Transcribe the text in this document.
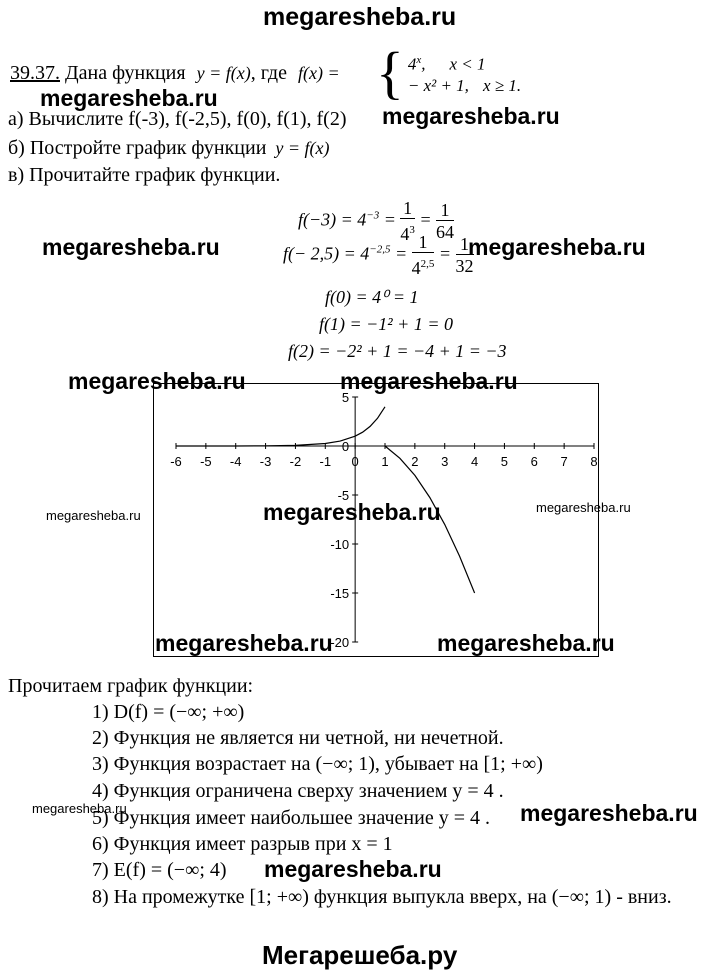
megaresheba.ru
39.37. Дана функция y = f(x), где f(x) = { 4$^x$, x < 1
− x² + 1, x ≥ 1.
megaresheba.ru
а) Вычислите f(-3), f(-2,5), f(0), f(1), f(2) megaresheba.ru
б) Постройте график функции y = f(x)
в) Прочитайте график функции.
$f(-3) = 4^{-3} = \frac{1}{4^3} = \frac{1}{64}$
megaresheba.ru	$f(- 2,5) = 4^{-2,5} = \frac{1}{4^{2,5}} = \frac{1}{32}$
megaresheba.ru
f(0) = 4⁰ = 1
f(1) = −1² + 1 = 0
f(2) = −2² + 1 = −4 + 1 = −3
megaresheba.ru	megaresheba.ru
-6 -5 -4 -3 -2 -1 0 1 2 3 4 5 6 7 8
5
0
-5
-10
-15
-20
megaresheba.ru
megaresheba.ru
megaresheba.ru
megaresheba.ru	megaresheba.ru
Прочитаем график функции:
1) D(f) = (−∞; +∞)
2) Функция не является ни четной, ни нечетной.
3) Функция возрастает на (−∞; 1), убывает на [1; +∞)
4) Функция ограничена сверху значением y = 4 .
megaresheba.ru
5) Функция имеет наибольшее значение y = 4 . megaresheba.ru
6) Функция имеет разрыв при x = 1
7) E(f) = (−∞; 4) megaresheba.ru
8) На промежутке [1; +∞) функция выпукла вверх, на (−∞; 1) - вниз.
Мегарешеба.ру
